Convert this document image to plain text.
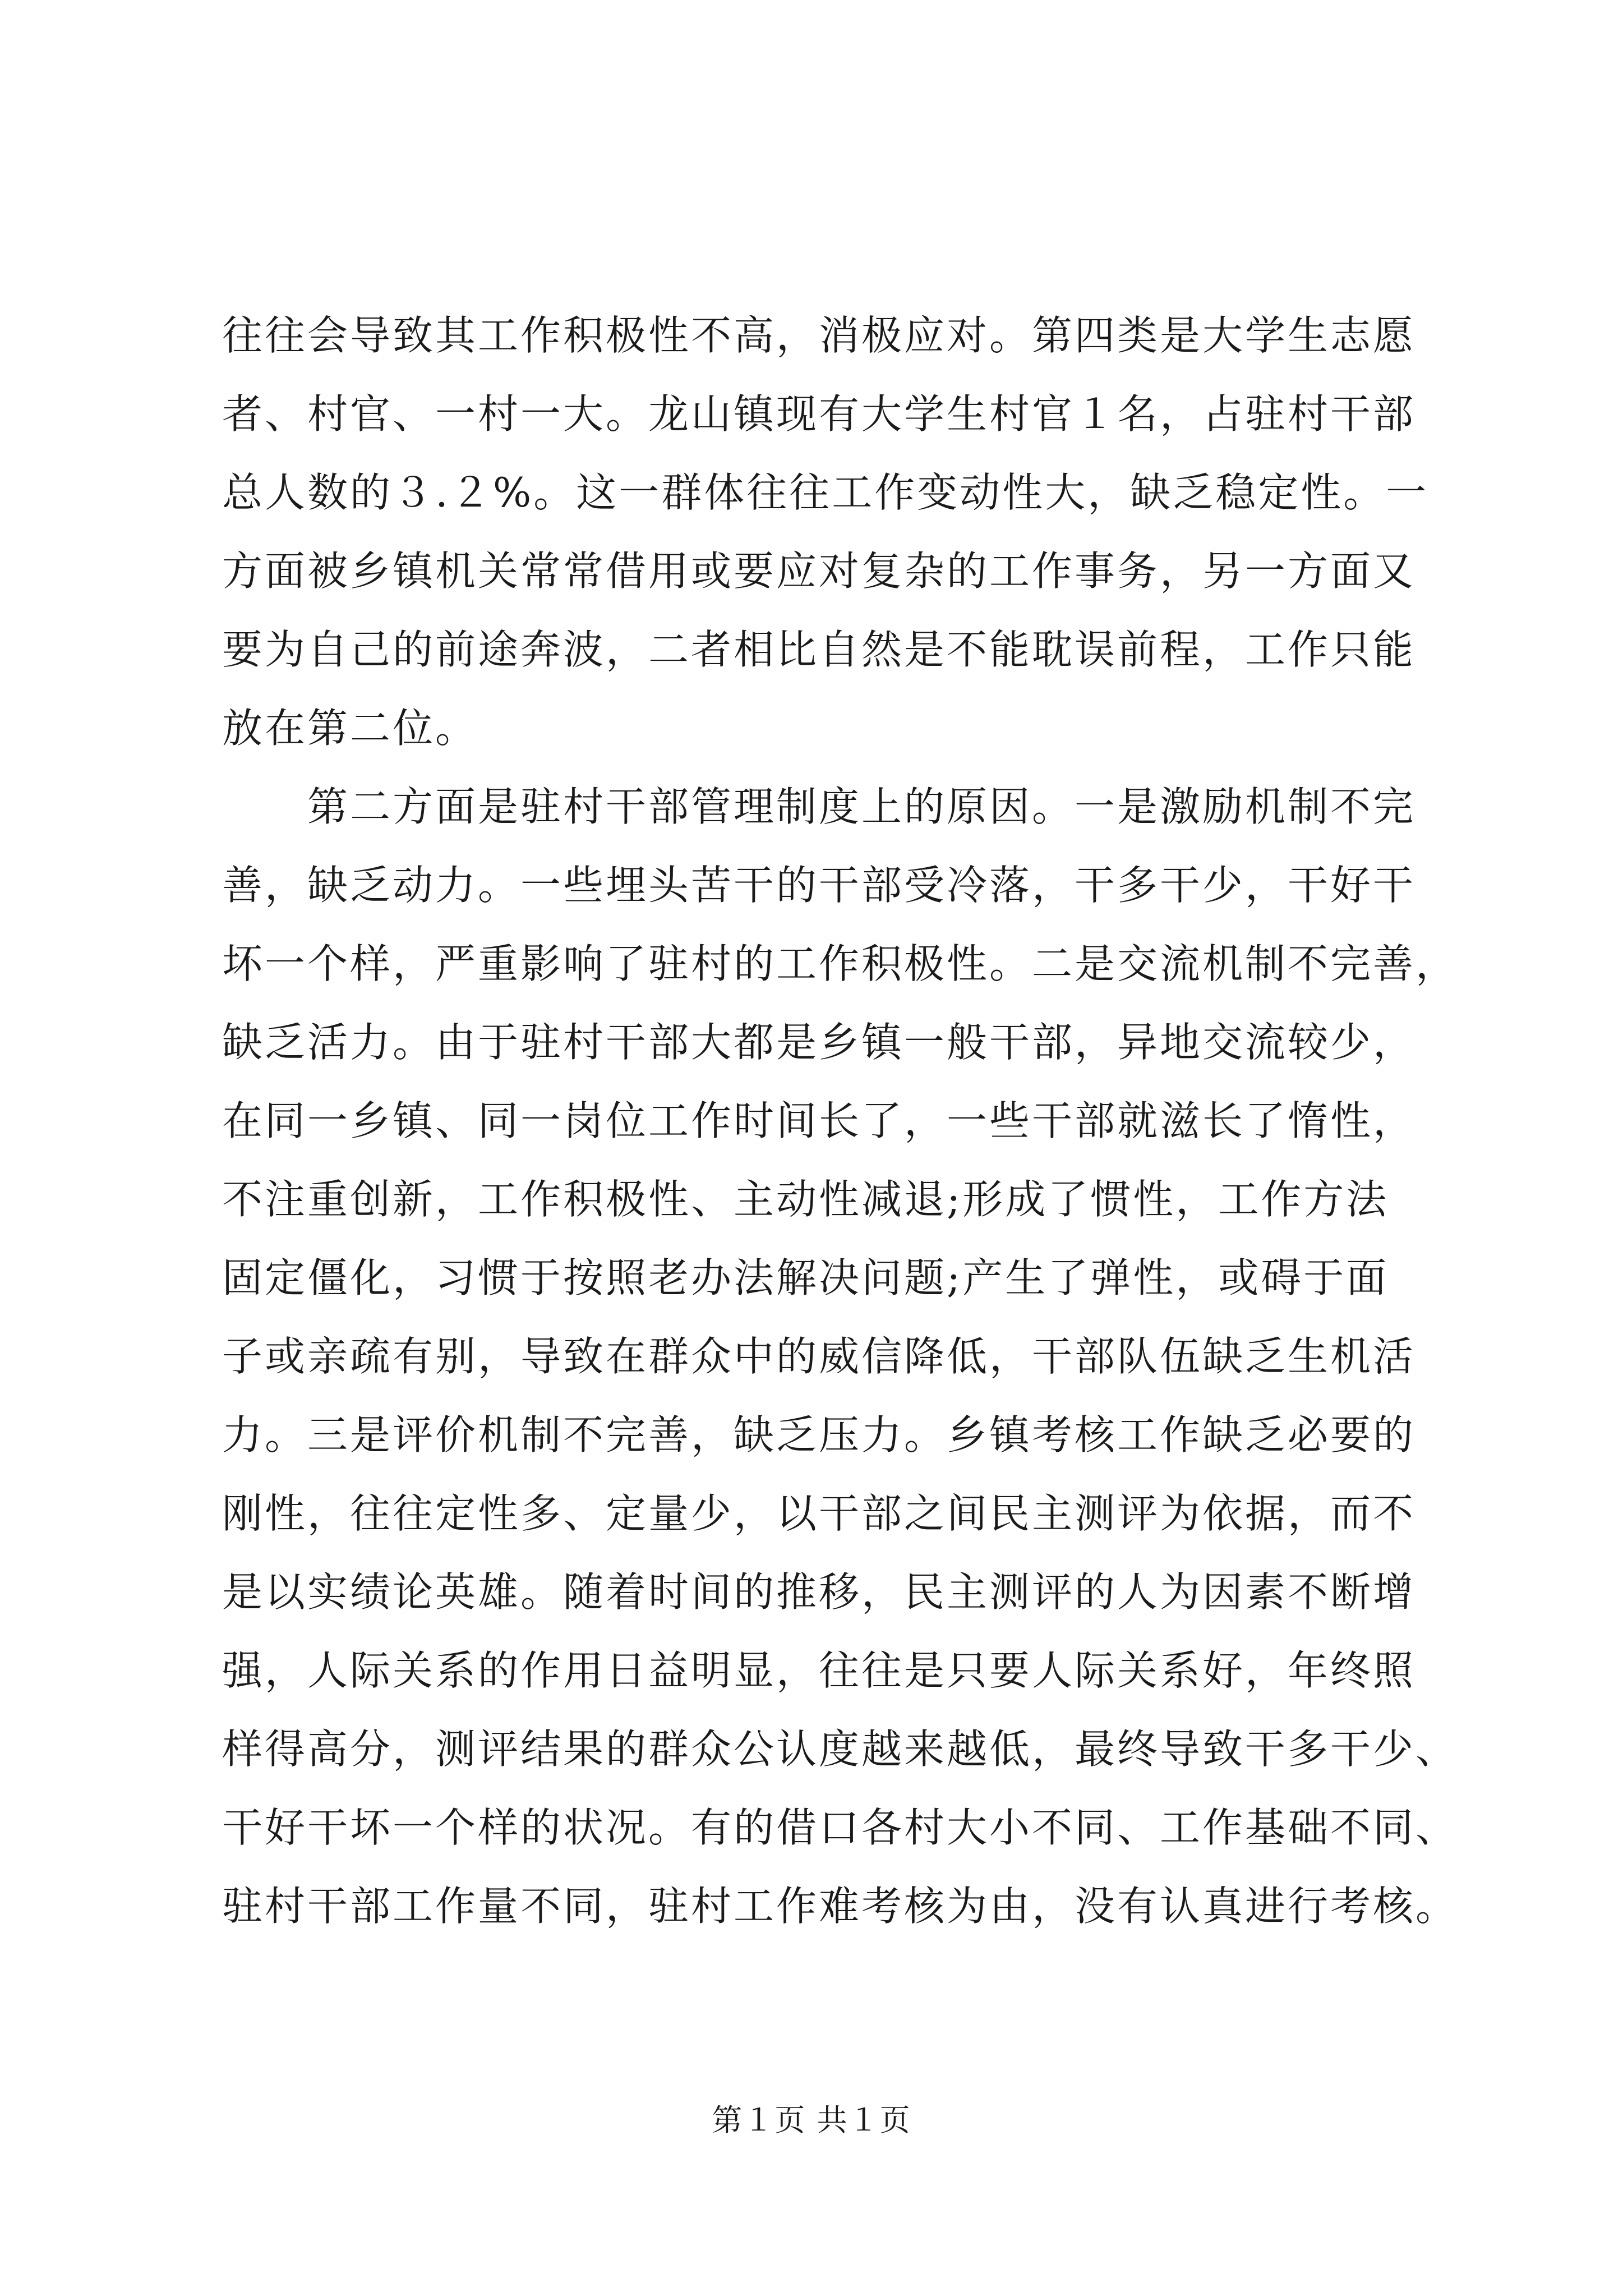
往往会导致其工作积极性不高，消极应对。第四类是大学生志愿
者、村官、一村一大。龙山镇现有大学生村官１名，占驻村干部
总人数的３.２%。这一群体往往工作变动性大，缺乏稳定性。一
方面被乡镇机关常常借用或要应对复杂的工作事务，另一方面又
要为自己的前途奔波，二者相比自然是不能耽误前程，工作只能
放在第二位。
第二方面是驻村干部管理制度上的原因。一是激励机制不完
善，缺乏动力。一些埋头苦干的干部受冷落，干多干少，干好干
坏一个样，严重影响了驻村的工作积极性。二是交流机制不完善，
缺乏活力。由于驻村干部大都是乡镇一般干部，异地交流较少，
在同一乡镇、同一岗位工作时间长了，一些干部就滋长了惰性，
不注重创新，工作积极性、主动性减退;形成了惯性，工作方法
固定僵化，习惯于按照老办法解决问题;产生了弹性，或碍于面
子或亲疏有别，导致在群众中的威信降低，干部队伍缺乏生机活
力。三是评价机制不完善，缺乏压力。乡镇考核工作缺乏必要的
刚性，往往定性多、定量少，以干部之间民主测评为依据，而不
是以实绩论英雄。随着时间的推移，民主测评的人为因素不断增
强，人际关系的作用日益明显，往往是只要人际关系好，年终照
样得高分，测评结果的群众公认度越来越低，最终导致干多干少、
干好干坏一个样的状况。有的借口各村大小不同、工作基础不同、
驻村干部工作量不同，驻村工作难考核为由，没有认真进行考核。
第１页 共１页
